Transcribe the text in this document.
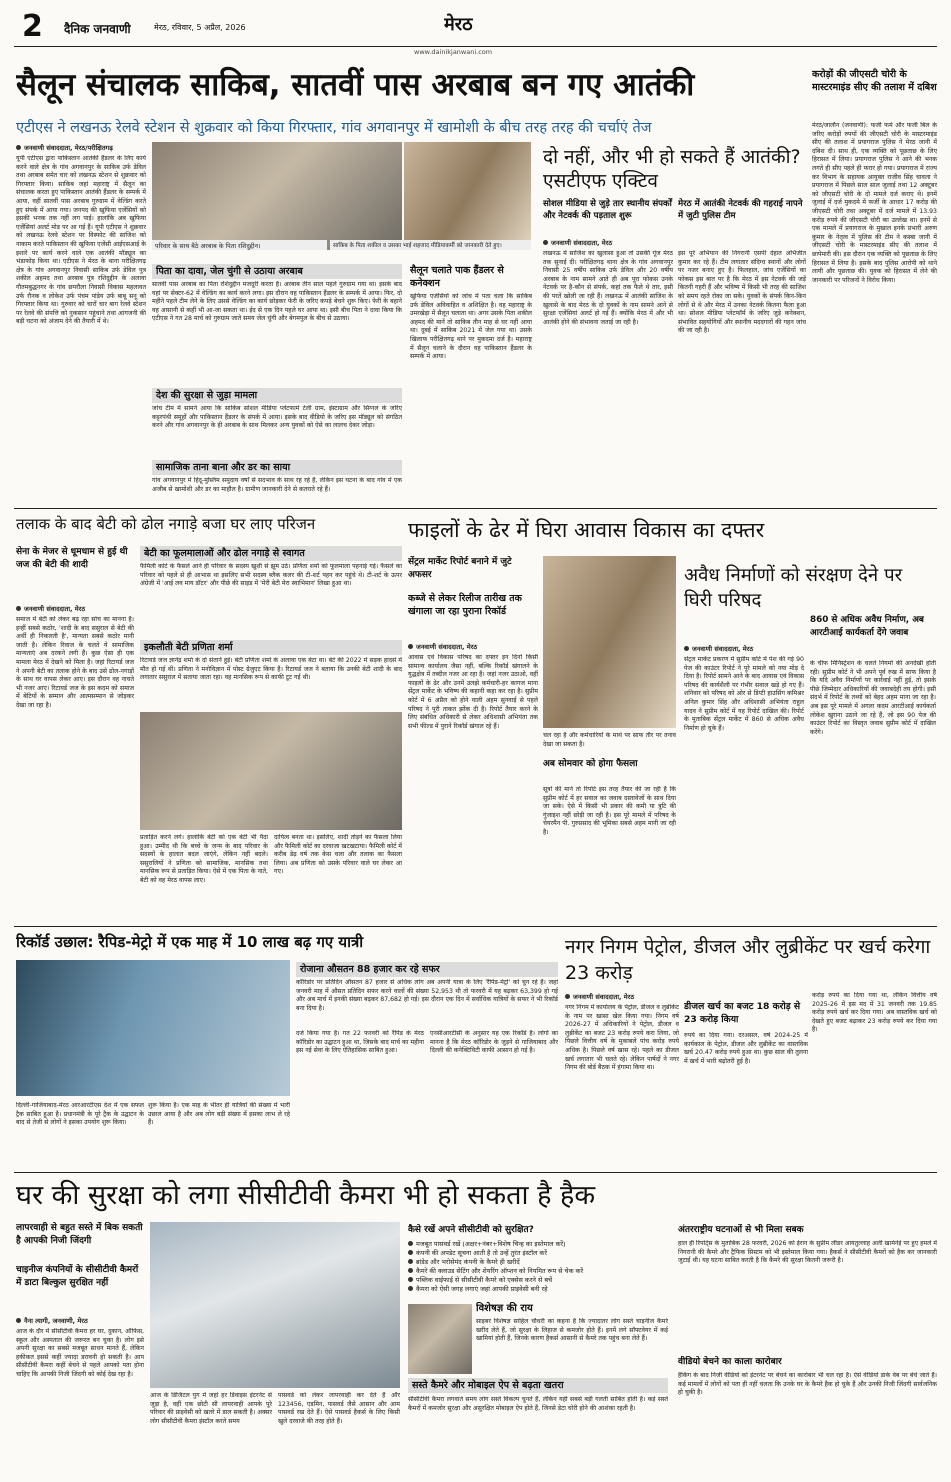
2 दैनिक जनवाणी	मेरठ, रविवार, 5 अप्रैल, 2026	मेरठ
www.dainikjanwani.com
सैलून संचालक साकिब, सातवीं पास अरबाब बन गए आतंकी
एटीएस ने लखनऊ रेलवे स्टेशन से शुक्रवार को किया गिरफ्तार, गांव अगवानपुर में खामोशी के बीच तरह तरह की चर्चाएं तेज
जनवाणी संवाददाता, मेरठ/परीक्षितगढ़
यूपी एटीएस द्वारा पाकिस्तान आतंकी हैंडलर के लिए कार्य करने वाले क्षेत्र के गांव अगवानपुर के साकिब उर्फ डेविल तथा अरबाब समेत चार को लखनऊ स्टेशन से शुक्रवार को गिरफ्तार किया। साकिब जहां महाराष्ट्र में सैलून का संचालक करता हुए पाकिस्तान आतंकी हैंडलर के सम्पर्क में आया, वहीं सातवीं पास अरबाब गुरुग्राम में वेल्डिंग करते हुए संपर्क में आया गया। जनपद की खुफिया एजेंसियों को इसकी भनक तक नहीं लग पाई। हालांकि अब खुफिया एजेंसियां अलर्ट मोड पर आ गई हैं। यूपी एटीएस ने शुक्रवार को लखनऊ रेलवे स्टेशन पर विस्फोट की साजिश को नाकाम करते पाकिस्तान की खुफिया एजेंसी आईएसआई के इशारे पर कार्य करने वाले एक आतंकी मॉड्यूल का भंडाफोड़ किया था। एटीएस ने मेरठ के थाना परीक्षितगढ़ क्षेत्र के गांव अगवानपुर निवासी साकिब उर्फ डेविल पुत्र शकील अहमद तथा अरबाब पुत्र रशिदुद्दीन के अलावा गौतमबुद्धनगर के गांव छपरौला निवासी विकास महलावत उर्फ रौनक व लोकेश उर्फ पंचम पांडेय उर्फ बाबू सनू को गिरफ्तार किया था। गुरुवार को चारों चार बाग रेलवे स्टेशन पर रेलवे की संपत्ति को नुकसान पहुंचाने तथा आगजनी की बड़ी घटना को अंजाम देने की तैयारी में थे।
परिवार के साथ बैठे अरबाब के पिता रशिदुद्दीन।	साकिब के पिता शकील व उसका भाई शहजाद मीडियाकर्मी को जानकारी देते हुए।
पिता का दावा, जेल चुंगी से उठाया अरबाब
सातवीं पास अरबाब का पिता रशिदुद्दीन मजदूरी करता है। अरबाब तीन साल पहले गुरुग्राम गया था। इसके बाद वहां पर सेक्टर-62 में वेल्डिंग का कार्य करने लगा। इस दौरान वह पाकिस्तान हैंडलर के सम्पर्क में आया। फिर, दो महीने पहले टीम लेने के लिए उससे वेल्डिंग का कार्य छोड़कर फेरी के जरिए कपड़े बेचने शुरू किए। फेरी के बहाने वह आसानी से कहीं भी आ-जा सकता था। ईद से एक दिन पहले घर आया था। इसी बीच पिता ने दावा किया कि एटीएस ने गत 28 मार्च को गुरुग्राम जाते समय जेल चुंगी और बेगमपुल के बीच से उठाया।
देश की सुरक्षा से जुड़ा मामला
जांच टीम में सामने आया कि साकिब सोशल मीडिया प्लेटफार्म टेली ग्राम, इंस्टाग्राम और सिग्नल के जरिए कट्टरपंथी समूहों और पाकिस्तान हैंडलर के संपर्क में आया। इसके बाद वीडियो के जरिए इस मॉड्यूल को संगठित करने और गांव अगवानपुर के ही अरबाब के साथ मिलकर अन्य युवकों को ऐसे का लालच देकर जोड़ा।
सामाजिक ताना बाना और डर का साया
गांव अगवानपुर में हिंदू-मुस्लिम समुदाय वर्षों से सदभाव के साथ रह रहे हैं, लेकिन इस घटना के बाद गांव में एक अजीब से खामोशी और डर का माहौल है। ग्रामीण जानकारी देने से कतराते रहे हैं।
सैलून चलाते पाक हैंडलर से कनेक्शन
खुफिया एजेंसियों को जांच में पता चला कि साकिब उर्फ डेविल अविवाहित व अशिक्षित है। वह महाराष्ट्र के उमरखेड़ा में सैलून चलाता था। अगर उसके पिता शकील अहमद की मानें तो साकिब तीन माह से घर नहीं आया था। दुबई में साकिब 2021 में जेल गया था। उसके खिलाफ परीक्षितगढ़ थाने पर मुकदमा दर्ज है। महाराष्ट्र में सैलून चलाने के दौरान वह पाकिस्तान हैंडलर के सम्पर्क में आया।
दो नहीं, और भी हो सकते हैं आतंकी? एसटीएफ एक्टिव
सोशल मीडिया से जुड़े तार स्थानीय संपर्कों और नेटवर्क की पड़ताल शुरू
जनवाणी संवाददाता, मेरठ
लखनऊ में साजिश का खुलासा हुआ तो उसकी गूंज मेरठ तक सुनाई दी। परीक्षितगढ़ थाना क्षेत्र के गांव अगवानपुर निवासी 25 वर्षीय साकिब उर्फ डेविल और 20 वर्षीय अरबाब के नाम सामने आते ही अब पूरा फोकस उनके नेटवर्क पर है-कौन से संपर्क, कहां तक फैले थे तार, इसी की परतें खोली जा रही हैं। लखनऊ में आतंकी साजिश के खुलासे के बाद मेरठ के दो युवकों के नाम सामने आने से सुरक्षा एजेंसियां अलर्ट हो गई हैं। क्योंकि मेरठ में और भी आतंकी होने की संभावना जताई जा रही है।
मेरठ में आतंकी नेटवर्क की गहराई नापने में जुटी पुलिस टीम
इस पूरे अभियान की निगरानी एसपी देहात अभिजीत कुमार कर रहे हैं। टीम लगातार संदिग्ध स्थानों और लोगों पर नजर बनाए हुए है। फिलहाल, जांच एजेंसियों का फोकस इस बात पर है कि मेरठ में इस नेटवर्क की जड़ें कितनी गहरी हैं और भविष्य में किसी भी तरह की साजिश को समय रहते रोका जा सके। युवकों के संपर्क किन-किन लोगों से थे और मेरठ में उनका नेटवर्क कितना फैला हुआ था। सोशल मीडिया प्लेटफॉर्म के जरिए जुड़े कनेक्शन, संभावित सहयोगियों और स्थानीय मददगारों की गहन जांच की जा रही है।
करोड़ों की जीएसटी चोरी के मास्टरमाइंड सीए की तलाश में दबिश
मेरठ/जालौन (जनवाणी): फर्जी फर्म और फर्जी बिल के जरिए करोड़ों रुपयों की जीएसटी चोरी के मास्टरमाइंड सीए की तलाश में प्रयागराज पुलिस ने मेरठ जानी में दबिश दी। साथ ही, एक व्यक्ति को पूछताछ के लिए हिरासत में लिया। प्रयागराज पुलिस ने आने की भनक लगते ही सीए पहले ही फरार हो गया। प्रयागराज में राज्य कर विभाग के सहायक आयुक्त राजीव सिंह चावला ने प्रयागराज में पिछले साल साल जुलाई तथा 12 अक्टूबर को जीएसटी चोरी के दो मामले दर्ज कराए थे। इनमें जुलाई में दर्ज मुकदमे में फर्जी के आधार 17 करोड़ की जीएसटी चोरी तथा अक्टूबर में दर्ज मामले में 13.93 करोड़ रुपये की जीएसटी चोरी का उल्लेख था। इनमें से एक मामले में प्रयागराज के मुखाल इनके प्रभारी अरुण कुमार के नेतृत्व में पुलिस की टीम ने कस्बा जानी में जीएसटी चोरी के मास्टरमाइंड सीए की तलाश में छापेमारी की। इस दौरान एक व्यक्ति को पूछताछ के लिए हिरासत में लिया है। इसके बाद पुलिस आरोपी को थाने लायी और पूछताछ की। युवक को हिरासत में लेने की जानकारी पर परिजनों ने विरोध किया।
तलाक के बाद बेटी को ढोल नगाड़े बजा घर लाए परिजन
सेना के मेजर से धूमधाम से हुई थी जज की बेटी की शादी
जनवाणी संवाददाता, मेरठ
समाज में बेटी को लेकर बढ़ रहा सोच का मानना है। इन्हीं सबसे कठोर, 'शादी के बाद ससुराल से बेटी की अर्थी ही निकलती है', मान्यता सबसे कठोर मानी जाती है। लेकिन रिवाज के चलते ये सामाजिक मान्यताएं अब दरकने लगी हैं। कुछ ऐसा ही एक मामला मेरठ में देखने को मिला है। जहां रिटायर्ड जज ने अपनी बेटी का तलाक होने के बाद उसे ढोल-नगाड़ों के साथ घर वापस लेकर आए। इस दौरान वह नाचते भी नजर आए। रिटायर्ड जज के इस कदम को समाज में बेटियों के सम्मान और आत्मसम्मान से जोड़कर देखा जा रहा है।
बेटी का फूलमालाओं और ढोल नगाड़े से स्वागत
फैमिली कोर्ट के फैसले आने ही परिवार के सदस्य खुशी से झूम उठे। प्रणिता शर्मा को फूलमाला पहनाई गई। फैसले का परिवार को पहले से ही आभास था इसलिए सभी सदस्य ब्लैक कलर की टी-शर्ट पहन कर पहुंचे थे। टी-शर्ट के ऊपर अंग्रेजी में 'आई लव माय डॉटर' और पीछे की साइड में 'मेरी बेटी मेरा स्वाभिमान' लिखा हुआ था।
इकलौती बेटी प्रणिता शर्मा
रिटायर्ड जज ज्ञानेंद्र शर्मा के दो संतानें हुई। बेटी प्रणिता शर्मा के अलावा एक बेटा था। बेटे की 2022 में सड़क हादसे में मौत हो गई थी। प्रणिता ने मनोविज्ञान में पोस्ट ग्रेजुएट किया है। रिटायर्ड जज ने बताया कि उनकी बेटी शादी के बाद लगातार ससुराल में सताया जाता रहा। वह मानसिक रूप से काफी टूट गई थी।
प्रताड़ित करने लगे। हालांकि बेटी को एक बेटी भी पैदा हुआ। उम्मीद थी कि बच्चे के जन्म के बाद परिवार के सदस्यों के हालात बदल जाएंगे, लेकिन नहीं बदले। ससुरालियों ने प्रणिता को सामाजिक, मानसिक तथा मानसिक रूप से प्रताड़ित किया। ऐसे में एक पिता के नाते, बेटी को वह मेरठ वापस लाए।
दायित्व बनता था। इसलिए, शादी तोड़ने का फैसला लिया और फैमिली कोर्ट का दरवाजा खटखटाया। फैमिली कोर्ट में करीब डेढ़ वर्ष तक केस चला और तलाक का फैसला लिया। अब प्रणिता को उसके परिवार वाले घर लेकर आ गए।
फाइलों के ढेर में घिरा आवास विकास का दफ्तर
सेंट्रल मार्केट रिपोर्ट बनाने में जुटे अफसर
कब्जे से लेकर रिलीज तारीख तक खंगाला जा रहा पुराना रिकॉर्ड
जनवाणी संवाददाता, मेरठ
आवास एवं विकास परिषद का दफ्तर इन दिनों किसी सामान्य कार्यालय जैसा नहीं, बल्कि रिकॉर्ड खंगालने के युद्धक्षेत्र में तब्दील नजर आ रहा है। जहां नजर उठाओ, वहीं फाइलों के ढेर और उनमें उलझे कर्मचारी-हर कागज माना सेंट्रल मार्केट के भविष्य की कहानी कहा कर रहा है। सुप्रीम कोर्ट में 6 अप्रैल को होने वाली अहम सुनवाई से पहले परिषद ने पूरी ताकत झोंक दी है। रिपोर्ट तैयार करने के लिए संबंधित अधिकारी से लेकर अधिशासी अभियंता तक सभी फील्ड में पुराने रिकॉर्ड खंगाल रहे हैं।
चल रहा है और कर्मचारियों के माथे पर साफ तौर पर तनाव देखा जा सकता है।
अब सोमवार को होगा फैसला
सूत्रों की मानें तो रिपोर्ट इस तरह तैयार की जा रही है कि सुप्रीम कोर्ट में हर सवाल का जवाब दस्तावेजों के साथ दिया जा सके। ऐसे में किसी भी प्रकार की कमी या त्रुटि की गुंजाइश नहीं छोड़ी जा रही है। इस पूरे मामले में परिषद के चेयरमैन पी. गुरुप्रसाद की भूमिका सबसे अहम मानी जा रही है।
अवैध निर्माणों को संरक्षण देने पर घिरी परिषद
860 से अधिक अवैध निर्माण, अब आरटीआई कार्यकर्ता देंगे जवाब
जनवाणी संवाददाता, मेरठ
सेंट्रल मार्केट प्रकरण में सुप्रीम कोर्ट में पेश की गई 90 पेज की काउंटर रिपोर्ट ने पूरे मामले को नया मोड़ दे दिया है। रिपोर्ट सामने आने के बाद आवास एवं विकास परिषद की कार्यशैली पर गंभीर सवाल खड़े हो गए हैं। शनिवार को परिषद को ओर से डिप्टी हाउसिंग कमिश्नर अनिल कुमार सिंह और अधिशासी अभियंता राहुल यादव ने सुप्रीम कोर्ट में यह रिपोर्ट दाखिल की। रिपोर्ट के मुताबिक सेंट्रल मार्केट में 860 से अधिक अवैध निर्माण हो चुके हैं।
के चीफ मिनिस्ट्रेशन के चलते नियमों की अनदेखी होती रही। सुप्रीम कोर्ट ने भी अपने पूर्व रुख में साफ किया है कि यदि अवैध निर्माणों पर कार्रवाई नहीं हुई, तो इसके पीछे जिम्मेदार अधिकारियों की जवाबदेही तय होगी। इसी संदर्भ में रिपोर्ट के तथ्यों को बेहद अहम माना जा रहा है। अब इस पूरे मामले में अगला कदम आरटीआई कार्यकर्ता लोकेश खुराना उठाने जा रहे हैं, जो इस 90 पेज की काउंटर रिपोर्ट का विस्तृत जवाब सुप्रीम कोर्ट में दाखिल करेंगे।
रिकॉर्ड उछाल: रैपिड-मेट्रो में एक माह में 10 लाख बढ़ गए यात्री
दिल्ली-गाजियाबाद-मेरठ आरआरटीएस देश में एक सफल ट्रैक साबित हुआ है। प्रधानमंत्री के पूरे ट्रैक के उद्घाटन के बाद से तेजी से लोगों ने इसका उपयोग शुरू किया।
शुरू किया है। एक माह के भीतर ही यात्रियों की संख्या में भारी उछाल आया है और अब लोग बड़ी संख्या में इसका लाभ ले रहे हैं।
रोजाना औसतन 88 हजार कर रहे सफर
कॉरिडोर पर प्रतिदिन औसतन 87 हजार से अधिक लोग अब अपनी यात्रा के लिए 'रैपिड-मेट्रो' को चुन रहे हैं। जहां जनवरी माह में औसत प्रतिदिन सफर करने वालों की संख्या 52,953 थी तो फरवरी में यह बढ़कर 63,399 हो गई और अब मार्च में इनकी संख्या बढ़कर 87,682 हो गई। इस दौरान एक दिन में सर्वाधिक यात्रियों के सफर ने भी रिकॉर्ड बना दिया है।
दर्ज किया गया है। गत 22 फरवरी को रैपिड के मेरठ कॉरिडोर का उद्घाटन हुआ था, जिसके बाद मार्च का महीना इस नई सेवा के लिए ऐतिहासिक साबित हुआ।
एनसीआरटीसी के अनुसार यह एक रिकॉर्ड है। लोगों का मानना है कि मेरठ कॉरिडोर के जुड़ने से गाजियाबाद और दिल्ली की कनेक्टिविटी काफी आसान हो गई है।
नगर निगम पेट्रोल, डीजल और लुब्रीकेंट पर खर्च करेगा 23 करोड़
जनवाणी संवाददाता, मेरठ
नगर निगम में कार्यालय के पेट्रोल, डीजल व लुब्रीकेंट के नाम पर खासा खेल किया गया। निगम वर्ष 2026-27 में अधिकारियों ने पेट्रोल, डीजल व लुब्रीकेंट का बजट 23 करोड़ रुपये करा लिया, जो पिछले वित्तीय वर्ष के मुकाबले पांच करोड़ रुपये अधिक है। पिछले वर्ष खास रहे। पहले का डीजल खर्च लगातार भी चलते रहे। लेकिन पार्षदों ने नगर निगम की बोर्ड बैठक में हंगामा किया था।
डीजल खर्च का बजट 18 करोड़ से 23 करोड़ किया
रुपये का दिया गया। दरअसल, वर्ष 2024-25 में कार्यकाल के पेट्रोल, डीजल और लुब्रीकेंट का वास्तविक खर्च 20.47 करोड़ रुपये हुआ था। कुछ साल की तुलना में खर्च में भारी बढ़ोतरी हुई है।
करोड़ रुपये का दिया गया था, लेकिन वित्तीय वर्ष 2025-26 में इस मद में 31 जनवरी तक 19.85 करोड़ रुपये खर्च कर दिया गया। अब वास्तविक खर्च को देखते हुए बजट बढ़ाकर 23 करोड़ रुपये कर दिया गया है।
घर की सुरक्षा को लगा सीसीटीवी कैमरा भी हो सकता है हैक
लापरवाही से बहुत सस्ते में बिक सकती है आपकी निजी जिंदगी
चाइनीज कंपनियों के सीसीटीवी कैमरों में डाटा बिल्कुल सुरक्षित नहीं
नैना त्यागी, जनवाणी, मेरठ
आज के दौर में सीसीटीवी कैमरा हर घर, दुकान, ऑफिस, स्कूल और अस्पताल की जरूरत बन चुका है। लोग इसे अपनी सुरक्षा का सबसे मजबूत साधन मानते हैं, लेकिन हकीकत इससे कहीं ज्यादा डरावनी हो सकती है। आप सीसीटीवी कैमरा कहीं बेचने से पहले आपको पता होना चाहिए कि आपकी निजी जिंदगी को कोई देख रहा है।
आज के डिजिटल युग में जहां हर डिवाइस इंटरनेट से जुड़ा है, वहीं एक छोटी सी लापरवाही आपके पूरे परिवार की प्राइवेसी को खतरे में डाल सकती है। अक्सर लोग सीसीटीवी कैमरा इंस्टॉल करते समय
पासवर्ड को लेकर लापरवाही कर देते हैं और 123456, एडमिन, पासवर्ड जैसे आसान और आम पासवर्ड रख देते हैं। ऐसे पासवर्ड हैकर्स के लिए किसी खुले दरवाजे की तरह होते हैं।
कैसे रखें अपने सीसीटीवी को सुरक्षित?
मजबूत पासवर्ड रखें (अक्षर+नंबर+विशेष चिन्ह का इस्तेमाल करें)
कंपनी की अपडेट सूचना आती है तो उन्हें तुरंत इंस्टॉल करें
ब्रांडेड और भरोसेमंद कंपनी के कैमरे ही खरीदें
कैमरे की क्लाउड सेटिंग और शेयरिंग ऑप्शन को नियमित रूप से चेक करें
पब्लिक वाईफाई से सीसीटीवी कैमरे को एक्सेस करने से बचें
कैमरा को ऐसी जगह लगाएं जहां आपकी प्राइवेसी बनी रहे
विशेषज्ञ की राय
साइबर विशेषज्ञ साहिल चौधरी का कहना है कि ज्यादातर लोग सस्ते चाइनीज कैमरे खरीद लेते हैं, जो सुरक्षा के लिहाज से कमजोर होते हैं। इनमें लगे सॉफ्टवेयर में कई खामियां होती हैं, जिनके कारण हैकर्स आसानी से कैमरे तक पहुंच बना लेते हैं।
सस्ते कैमरे और मोबाइल ऐप से बढ़ता खतरा
सीसीटीवी कैमरा लगवाते समय लोग सस्ते विकल्प चुनते हैं, लेकिन यही सबसे बड़ी गलती साबित होती है। कई सस्ते कैमरों में कमजोर सुरक्षा और असुरक्षित मोबाइल ऐप होते हैं, जिनसे डेटा चोरी होने की आशंका रहती है।
अंतरराष्ट्रीय घटनाओं से भी मिला सबक
हाल ही रिपोर्ट्स के मुताबिक 28 फरवरी, 2026 को ईरान के सुप्रीम लीडर आयतुल्लाह अली खामेनेई पर हुए हमले में निगरानी की कैमरे और ट्रैफिक सिस्टम को भी इस्तेमाल किया गया। हैकर्स ने सीसीटीवी कैमरों को हैक कर जानकारी जुटाई थी। यह घटना साबित करती है कि कैमरे की सुरक्षा कितनी जरूरी है।
वीडियो बेचने का काला कारोबार
हैकिंग के बाद निजी वीडियो को इंटरनेट पर बेचने का कारोबार भी चल रहा है। ऐसे वीडियो डार्क वेब पर बेचे जाते हैं। कई मामलों में लोगों को पता ही नहीं चलता कि उनके घर के कैमरे हैक हो चुके हैं और उनकी निजी जिंदगी सार्वजनिक हो चुकी है।
